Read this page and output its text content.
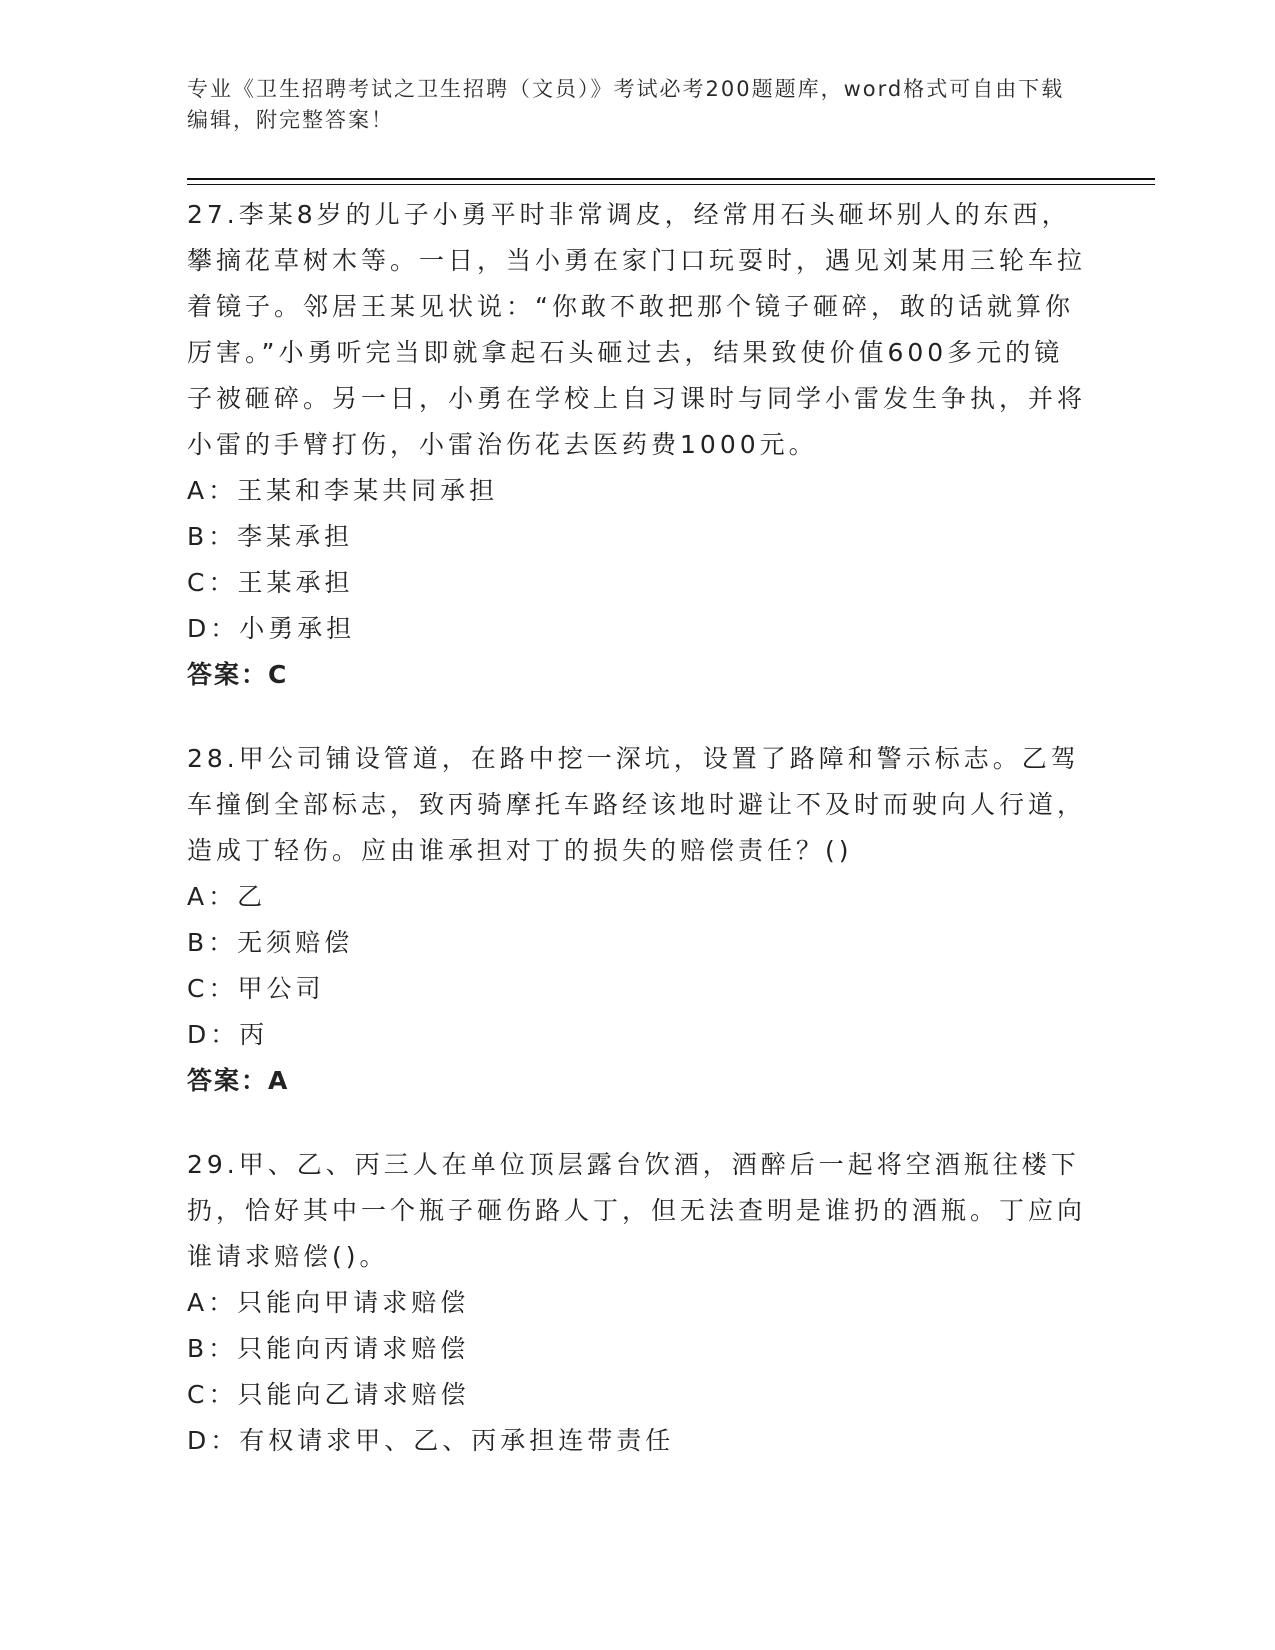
专业《卫生招聘考试之卫生招聘（文员）》考试必考200题题库，word格式可自由下载编辑，附完整答案！

27.李某8岁的儿子小勇平时非常调皮，经常用石头砸坏别人的东西，攀摘花草树木等。一日，当小勇在家门口玩耍时，遇见刘某用三轮车拉着镜子。邻居王某见状说：“你敢不敢把那个镜子砸碎，敢的话就算你厉害。”小勇听完当即就拿起石头砸过去，结果致使价值600多元的镜子被砸碎。另一日，小勇在学校上自习课时与同学小雷发生争执，并将小雷的手臂打伤，小雷治伤花去医药费1000元。

A：王某和李某共同承担

B：李某承担

C：王某承担

D：小勇承担

答案：C

28.甲公司铺设管道，在路中挖一深坑，设置了路障和警示标志。乙驾车撞倒全部标志，致丙骑摩托车路经该地时避让不及时而驶向人行道，造成丁轻伤。应由谁承担对丁的损失的赔偿责任？()

A：乙

B：无须赔偿

C：甲公司

D：丙

答案：A

29.甲、乙、丙三人在单位顶层露台饮酒，酒醉后一起将空酒瓶往楼下扔，恰好其中一个瓶子砸伤路人丁，但无法查明是谁扔的酒瓶。丁应向谁请求赔偿()。

A：只能向甲请求赔偿

B：只能向丙请求赔偿

C：只能向乙请求赔偿

D：有权请求甲、乙、丙承担连带责任
